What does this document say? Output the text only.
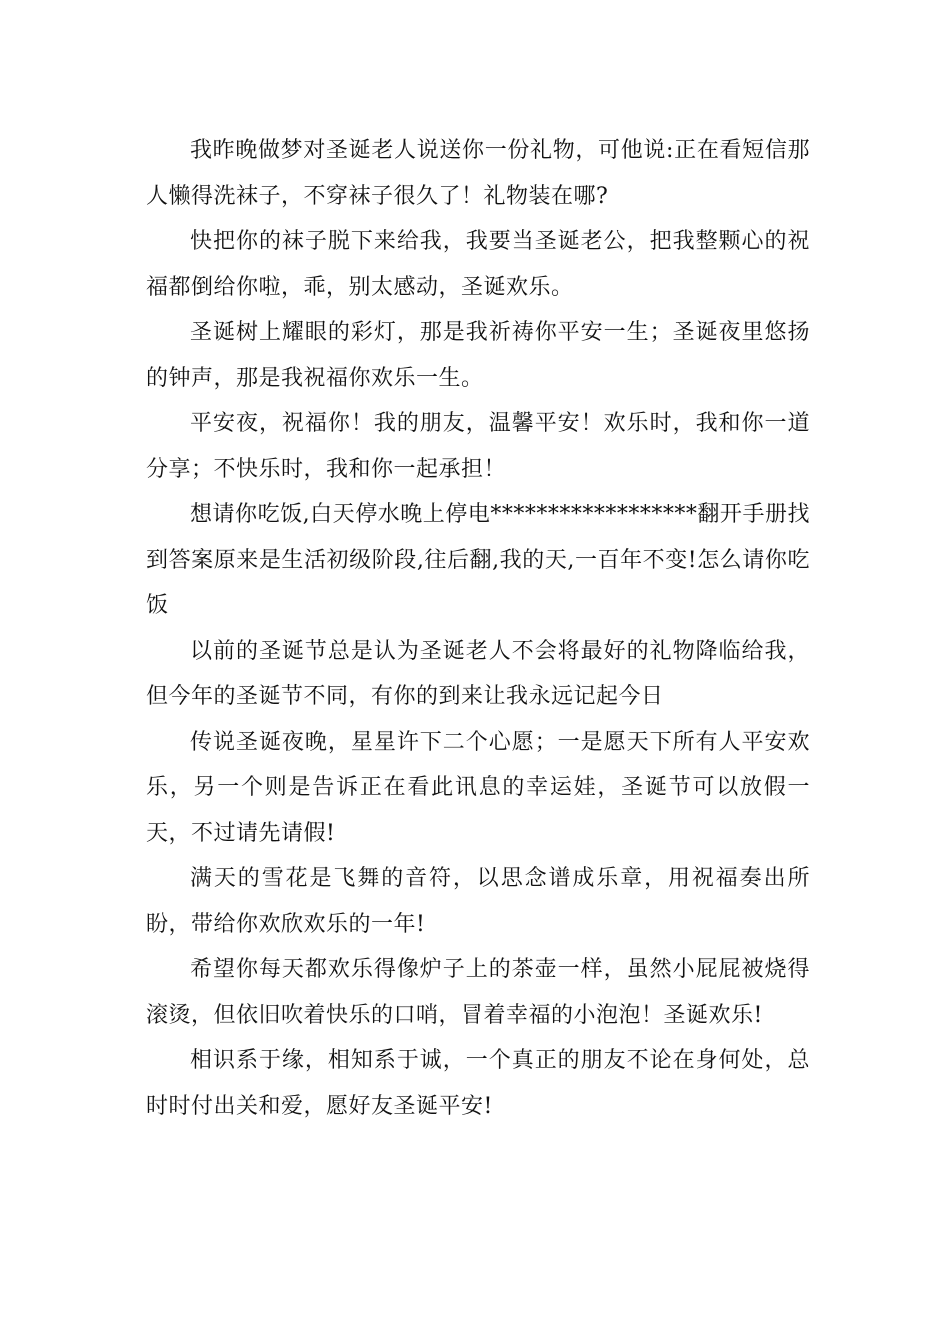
我昨晚做梦对圣诞老人说送你一份礼物，可他说:正在看短信那人懒得洗袜子，不穿袜子很久了！礼物装在哪?

快把你的袜子脱下来给我，我要当圣诞老公，把我整颗心的祝福都倒给你啦，乖，别太感动，圣诞欢乐。

圣诞树上耀眼的彩灯，那是我祈祷你平安一生；圣诞夜里悠扬的钟声，那是我祝福你欢乐一生。

平安夜，祝福你！我的朋友，温馨平安！欢乐时，我和你一道分享；不快乐时，我和你一起承担！

想请你吃饭,白天停水晚上停电******************翻开手册找到答案原来是生活初级阶段,往后翻,我的天,一百年不变!怎么请你吃饭

以前的圣诞节总是认为圣诞老人不会将最好的礼物降临给我，但今年的圣诞节不同，有你的到来让我永远记起今日

传说圣诞夜晚，星星许下二个心愿；一是愿天下所有人平安欢乐，另一个则是告诉正在看此讯息的幸运娃，圣诞节可以放假一天，不过请先请假!

满天的雪花是飞舞的音符，以思念谱成乐章，用祝福奏出所盼，带给你欢欣欢乐的一年!

希望你每天都欢乐得像炉子上的茶壶一样，虽然小屁屁被烧得滚烫，但依旧吹着快乐的口哨，冒着幸福的小泡泡！圣诞欢乐!

相识系于缘，相知系于诚，一个真正的朋友不论在身何处，总时时付出关和爱，愿好友圣诞平安!
